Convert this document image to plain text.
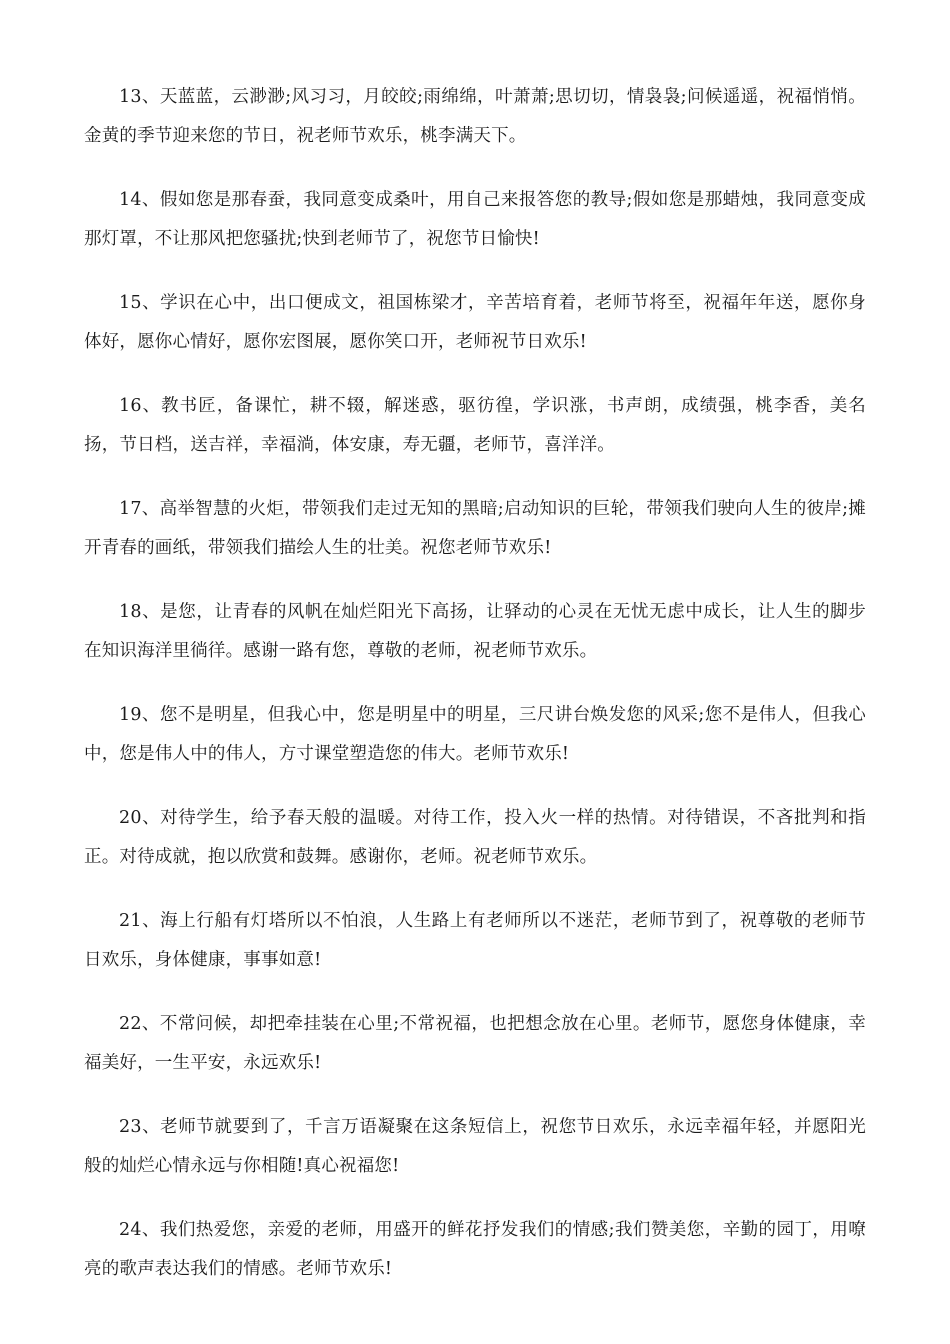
13、天蓝蓝，云渺渺;风习习，月皎皎;雨绵绵，叶萧萧;思切切，情袅袅;问候遥遥，祝福悄悄。金黄的季节迎来您的节日，祝老师节欢乐，桃李满天下。

14、假如您是那春蚕，我同意变成桑叶，用自己来报答您的教导;假如您是那蜡烛，我同意变成那灯罩，不让那风把您骚扰;快到老师节了，祝您节日愉快!

15、学识在心中，出口便成文，祖国栋梁才，辛苦培育着，老师节将至，祝福年年送，愿你身体好，愿你心情好，愿你宏图展，愿你笑口开，老师祝节日欢乐!

16、教书匠，备课忙，耕不辍，解迷惑，驱彷徨，学识涨，书声朗，成绩强，桃李香，美名扬，节日档，送吉祥，幸福淌，体安康，寿无疆，老师节，喜洋洋。

17、高举智慧的火炬，带领我们走过无知的黑暗;启动知识的巨轮，带领我们驶向人生的彼岸;摊开青春的画纸，带领我们描绘人生的壮美。祝您老师节欢乐!

18、是您，让青春的风帆在灿烂阳光下高扬，让驿动的心灵在无忧无虑中成长，让人生的脚步在知识海洋里徜徉。感谢一路有您，尊敬的老师，祝老师节欢乐。

19、您不是明星，但我心中，您是明星中的明星，三尺讲台焕发您的风采;您不是伟人，但我心中，您是伟人中的伟人，方寸课堂塑造您的伟大。老师节欢乐!

20、对待学生，给予春天般的温暖。对待工作，投入火一样的热情。对待错误，不吝批判和指正。对待成就，抱以欣赏和鼓舞。感谢你，老师。祝老师节欢乐。

21、海上行船有灯塔所以不怕浪，人生路上有老师所以不迷茫，老师节到了，祝尊敬的老师节日欢乐，身体健康，事事如意!

22、不常问候，却把牵挂装在心里;不常祝福，也把想念放在心里。老师节，愿您身体健康，幸福美好，一生平安，永远欢乐!

23、老师节就要到了，千言万语凝聚在这条短信上，祝您节日欢乐，永远幸福年轻，并愿阳光般的灿烂心情永远与你相随!真心祝福您!

24、我们热爱您，亲爱的老师，用盛开的鲜花抒发我们的情感;我们赞美您，辛勤的园丁，用嘹亮的歌声表达我们的情感。老师节欢乐!
